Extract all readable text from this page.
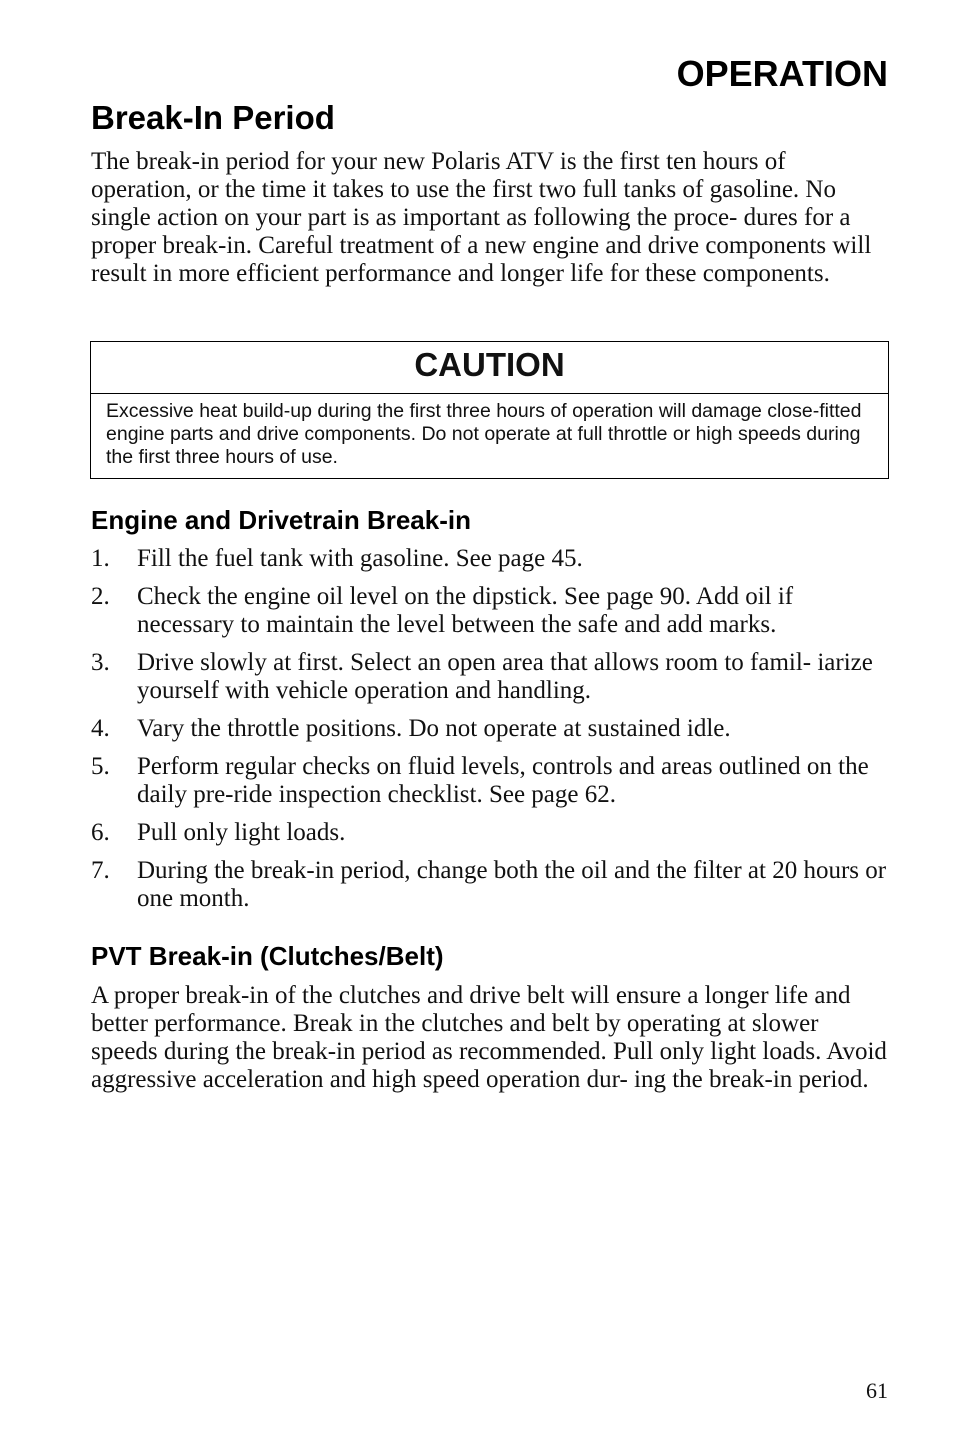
OPERATION
Break-In Period

The break-in period for your new Polaris ATV is the first ten hours of operation, or the time it takes to use the first two full tanks of gasoline. No single action on your part is as important as following the proce- dures for a proper break-in. Careful treatment of a new engine and drive components will result in more efficient performance and longer life for these components.

CAUTION

Excessive heat build-up during the first three hours of operation will damage close-fitted engine parts and drive components. Do not operate at full throttle or high speeds during the first three hours of use.

Engine and Drivetrain Break-in
1. Fill the fuel tank with gasoline. See page 45.
2. Check the engine oil level on the dipstick. See page 90. Add oil if necessary to maintain the level between the safe and add marks.
3. Drive slowly at first. Select an open area that allows room to famil- iarize yourself with vehicle operation and handling.
4. Vary the throttle positions. Do not operate at sustained idle.
5. Perform regular checks on fluid levels, controls and areas outlined on the daily pre-ride inspection checklist. See page 62.
6. Pull only light loads.
7. During the break-in period, change both the oil and the filter at 20 hours or one month.
PVT Break-in (Clutches/Belt)

A proper break-in of the clutches and drive belt will ensure a longer life and better performance. Break in the clutches and belt by operating at slower speeds during the break-in period as recommended. Pull only light loads. Avoid aggressive acceleration and high speed operation dur- ing the break-in period.

61
